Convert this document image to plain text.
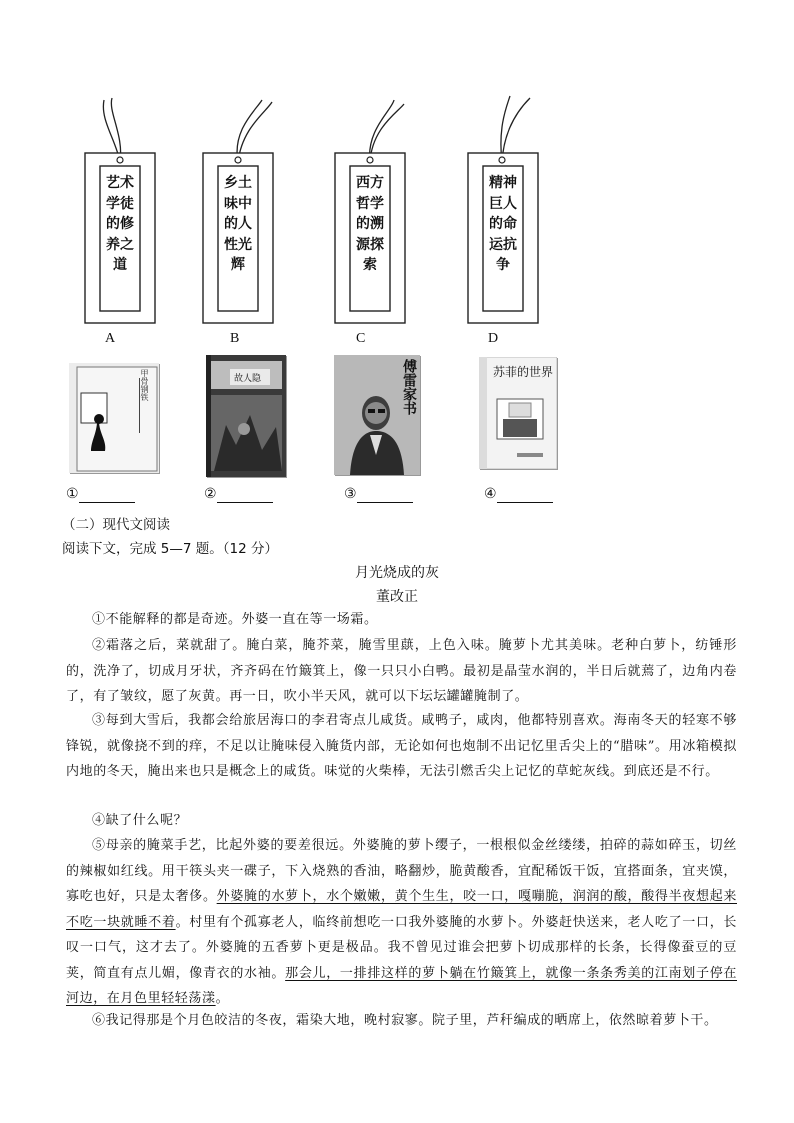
艺术学徒的修养之道
乡土味中的人性光辉
西方哲学的溯源探索
精神巨人的命运抗争
A	B	C	D
甲骨钢铁	故人隐	傅雷家书	苏菲的世界
①	②	③	④
（二）现代文阅读
阅读下文，完成 5—7 题。（12 分）
月光烧成的灰
董改正
①不能解释的都是奇迹。外婆一直在等一场霜。
②霜落之后，菜就甜了。腌白菜，腌芥菜，腌雪里蕻，上色入味。腌萝卜尤其美味。老种白萝卜，纺锤形的，洗净了，切成月牙状，齐齐码在竹簸箕上，像一只只小白鸭。最初是晶莹水润的，半日后就蔫了，边角内卷了，有了皱纹，愿了灰黄。再一日，吹小半天风，就可以下坛坛罐罐腌制了。
③每到大雪后，我都会给旅居海口的李君寄点儿咸货。咸鸭子，咸肉，他都特别喜欢。海南冬天的轻寒不够锋锐，就像挠不到的痒，不足以让腌味侵入腌货内部，无论如何也炮制不出记忆里舌尖上的“腊味”。用冰箱模拟内地的冬天，腌出来也只是概念上的咸货。味觉的火柴棒，无法引燃舌尖上记忆的草蛇灰线。到底还是不行。
④缺了什么呢？
⑤母亲的腌菜手艺，比起外婆的要差很远。外婆腌的萝卜缨子，一根根似金丝缕缕，拍碎的蒜如碎玉，切丝的辣椒如红线。用干筷头夹一碟子，下入烧熟的香油，略翻炒，脆黄酸香，宜配稀饭干饭，宜搭面条，宜夹馍，寡吃也好，只是太奢侈。外婆腌的水萝卜，水个嫩嫩，黄个生生，咬一口，嘎嘣脆，润润的酸，酸得半夜想起来不吃一块就睡不着。村里有个孤寡老人，临终前想吃一口我外婆腌的水萝卜。外婆赶快送来，老人吃了一口，长叹一口气，这才去了。外婆腌的五香萝卜更是极品。我不曾见过谁会把萝卜切成那样的长条，长得像蚕豆的豆荚，简直有点儿媚，像青衣的水袖。那会儿，一排排这样的萝卜躺在竹簸箕上，就像一条条秀美的江南划子停在河边，在月色里轻轻荡漾。
⑥我记得那是个月色皎洁的冬夜，霜染大地，晚村寂寥。院子里，芦秆编成的晒席上，依然晾着萝卜干。
